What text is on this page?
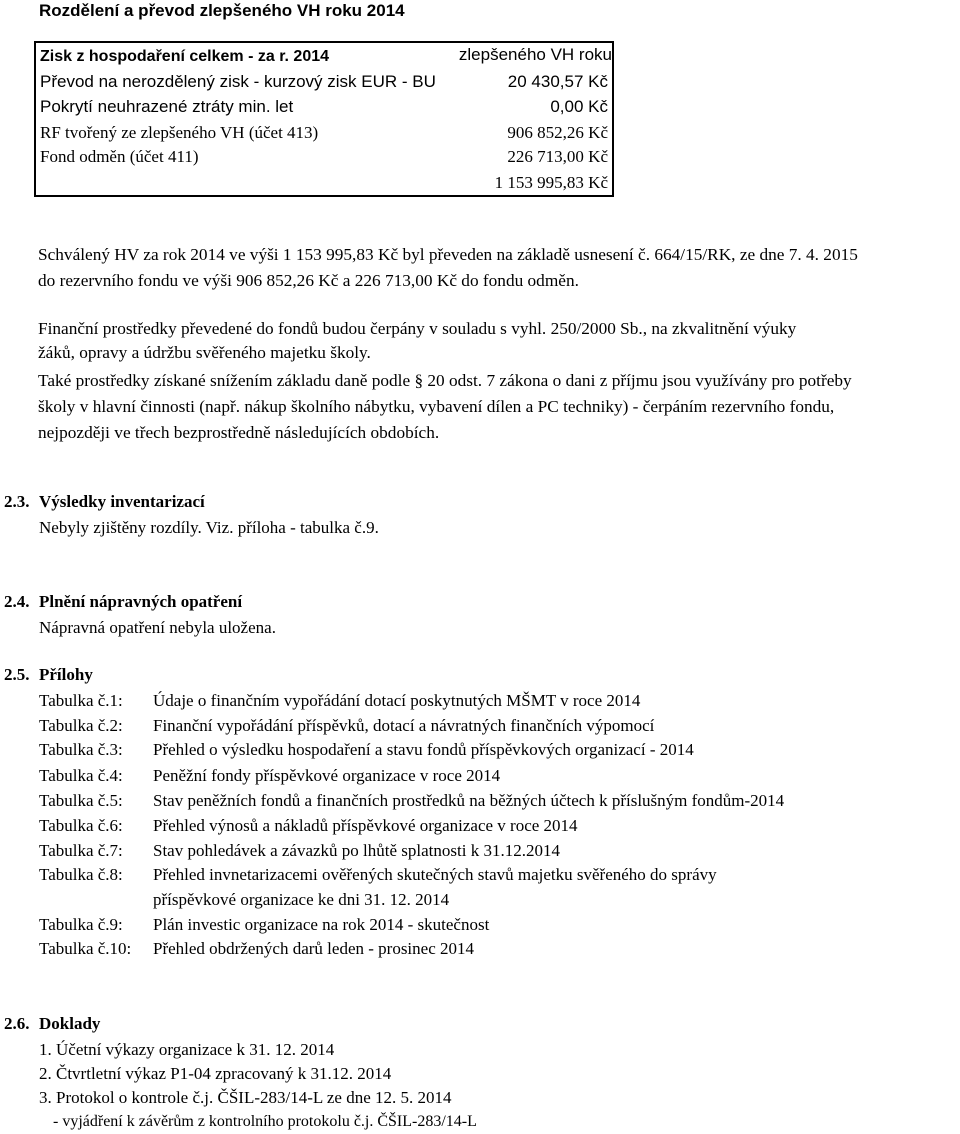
Rozdělení a převod zlepšeného VH roku 2014
Zisk z hospodaření celkem - za r. 2014	zlepšeného VH roku
Převod na nerozdělený zisk - kurzový zisk EUR - BU	20 430,57 Kč
Pokrytí neuhrazené ztráty min. let	0,00 Kč
RF tvořený ze zlepšeného VH (účet 413)	906 852,26 Kč
Fond odměn (účet 411)	226 713,00 Kč
1 153 995,83 Kč
Schválený HV za rok 2014 ve výši 1 153 995,83 Kč byl převeden na základě usnesení č. 664/15/RK, ze dne 7. 4. 2015
do rezervního fondu ve výši 906 852,26 Kč a 226 713,00 Kč do fondu odměn.
Finanční prostředky převedené do fondů budou čerpány v souladu s vyhl. 250/2000 Sb., na zkvalitnění výuky
žáků, opravy a údržbu svěřeného majetku školy.
Také prostředky získané snížením základu daně podle § 20 odst. 7 zákona o dani z příjmu jsou využívány pro potřeby
školy v hlavní činnosti (např. nákup školního nábytku, vybavení dílen a PC techniky) - čerpáním rezervního fondu,
nejpozději ve třech bezprostředně následujících obdobích.
2.3. Výsledky inventarizací
Nebyly zjištěny rozdíly. Viz. příloha - tabulka č.9.
2.4. Plnění nápravných opatření
Nápravná opatření nebyla uložena.
2.5. Přílohy
Tabulka č.1: Údaje o finančním vypořádání dotací poskytnutých MŠMT v roce 2014
Tabulka č.2: Finanční vypořádání příspěvků, dotací a návratných finančních výpomocí
Tabulka č.3: Přehled o výsledku hospodaření a stavu fondů příspěvkových organizací - 2014
Tabulka č.4: Peněžní fondy příspěvkové organizace v roce 2014
Tabulka č.5: Stav peněžních fondů a finančních prostředků na běžných účtech k příslušným fondům-2014
Tabulka č.6: Přehled výnosů a nákladů příspěvkové organizace v roce 2014
Tabulka č.7: Stav pohledávek a závazků po lhůtě splatnosti k 31.12.2014
Tabulka č.8: Přehled invnetarizacemi ověřených skutečných stavů majetku svěřeného do správy
příspěvkové organizace ke dni 31. 12. 2014
Tabulka č.9: Plán investic organizace na rok 2014 - skutečnost
Tabulka č.10: Přehled obdržených darů leden - prosinec 2014
2.6. Doklady
1. Účetní výkazy organizace k 31. 12. 2014
2. Čtvrtletní výkaz P1-04 zpracovaný k 31.12. 2014
3. Protokol o kontrole č.j. ČŠIL-283/14-L ze dne 12. 5. 2014
- vyjádření k závěrům z kontrolního protokolu č.j. ČŠIL-283/14-L
